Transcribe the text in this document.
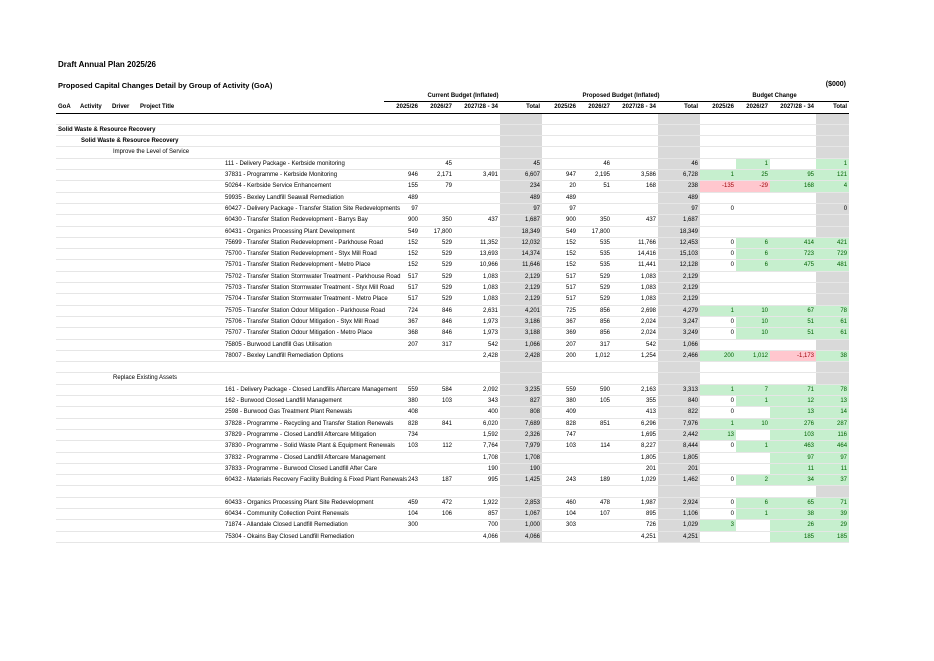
Draft Annual Plan 2025/26
Proposed Capital Changes Detail by Group of Activity (GoA)	($000)
				Current Budget (Inflated)				Proposed Budget (Inflated)				Budget Change			
GoA	Activity	Driver	Project Title	2025/26	2026/27	2027/28 - 34	Total	2025/26	2026/27	2027/28 - 34	Total	2025/26	2026/27	2027/28 - 34	Total

Solid Waste & Resource Recovery															
Solid Waste & Resource Recovery															
Improve the Level of Service															
			111 - Delivery Package - Kerbside monitoring		45		45		46		46		1		1
			37831 - Programme - Kerbside Monitoring	946	2,171	3,491	6,607	947	2,195	3,586	6,728	1	25	95	121
			50264 - Kerbside Service Enhancement	155	79		234	20	51	168	238	-135	-29	168	4
			59935 - Bexley Landfill Seawall Remediation	489			489	489			489				
			60427 - Delivery Package - Transfer Station Site Redevelopments	97			97	97			97	0			0
			60430 - Transfer Station Redevelopment - Barrys Bay	900	350	437	1,687	900	350	437	1,687				
			60431 - Organics Processing Plant Development	549	17,800		18,349	549	17,800		18,349				
			75699 - Transfer Station Redevelopment - Parkhouse Road	152	529	11,352	12,032	152	535	11,766	12,453	0	6	414	421
			75700 - Transfer Station Redevelopment - Styx Mill Road	152	529	13,693	14,374	152	535	14,416	15,103	0	6	723	729
			75701 - Transfer Station Redevelopment - Metro Place	152	529	10,966	11,646	152	535	11,441	12,128	0	6	475	481
			75702 - Transfer Station Stormwater Treatment - Parkhouse Road	517	529	1,083	2,129	517	529	1,083	2,129				
			75703 - Transfer Station Stormwater Treatment - Styx Mill Road	517	529	1,083	2,129	517	529	1,083	2,129				
			75704 - Transfer Station Stormwater Treatment - Metro Place	517	529	1,083	2,129	517	529	1,083	2,129				
			75705 - Transfer Station Odour Mitigation - Parkhouse Road	724	846	2,631	4,201	725	856	2,698	4,279	1	10	67	78
			75706 - Transfer Station Odour Mitigation - Styx Mill Road	367	846	1,973	3,186	367	856	2,024	3,247	0	10	51	61
			75707 - Transfer Station Odour Mitigation - Metro Place	368	846	1,973	3,188	369	856	2,024	3,249	0	10	51	61
			75805 - Burwood Landfill Gas Utilisation	207	317	542	1,066	207	317	542	1,066				
			78007 - Bexley Landfill Remediation Options			2,428	2,428	200	1,012	1,254	2,466	200	1,012	-1,173	38

Replace Existing Assets															
			161 - Delivery Package - Closed Landfills Aftercare Management	559	584	2,092	3,235	559	590	2,163	3,313	1	7	71	78
			162 - Burwood Closed Landfill Management	380	103	343	827	380	105	355	840	0	1	12	13
			2598 - Burwood Gas Treatment Plant Renewals	408		400	808	409		413	822	0		13	14
			37828 - Programme - Recycling and Transfer Station Renewals	828	841	6,020	7,689	828	851	6,296	7,976	1	10	276	287
			37829 - Programme - Closed Landfill Aftercare Mitigation	734		1,592	2,326	747		1,695	2,442	13		103	116
			37830 - Programme - Solid Waste Plant & Equipment Renewals	103	112	7,764	7,979	103	114	8,227	8,444	0	1	463	464
			37832 - Programme - Closed Landfill Aftercare Management			1,708	1,708			1,805	1,805			97	97
			37833 - Programme - Burwood Closed Landfill After Care			190	190			201	201			11	11
			60432 - Materials Recovery Facility Building & Fixed Plant Renewals	243	187	995	1,425	243	189	1,029	1,462	0	2	34	37

			60433 - Organics Processing Plant Site Redevelopment	459	472	1,922	2,853	460	478	1,987	2,924	0	6	65	71
			60434 - Community Collection Point Renewals	104	106	857	1,067	104	107	895	1,106	0	1	38	39
			71874 - Allandale Closed Landfill Remediation	300		700	1,000	303		726	1,029	3		26	29
			75304 - Okains Bay Closed Landfill Remediation			4,066	4,066			4,251	4,251			185	185
